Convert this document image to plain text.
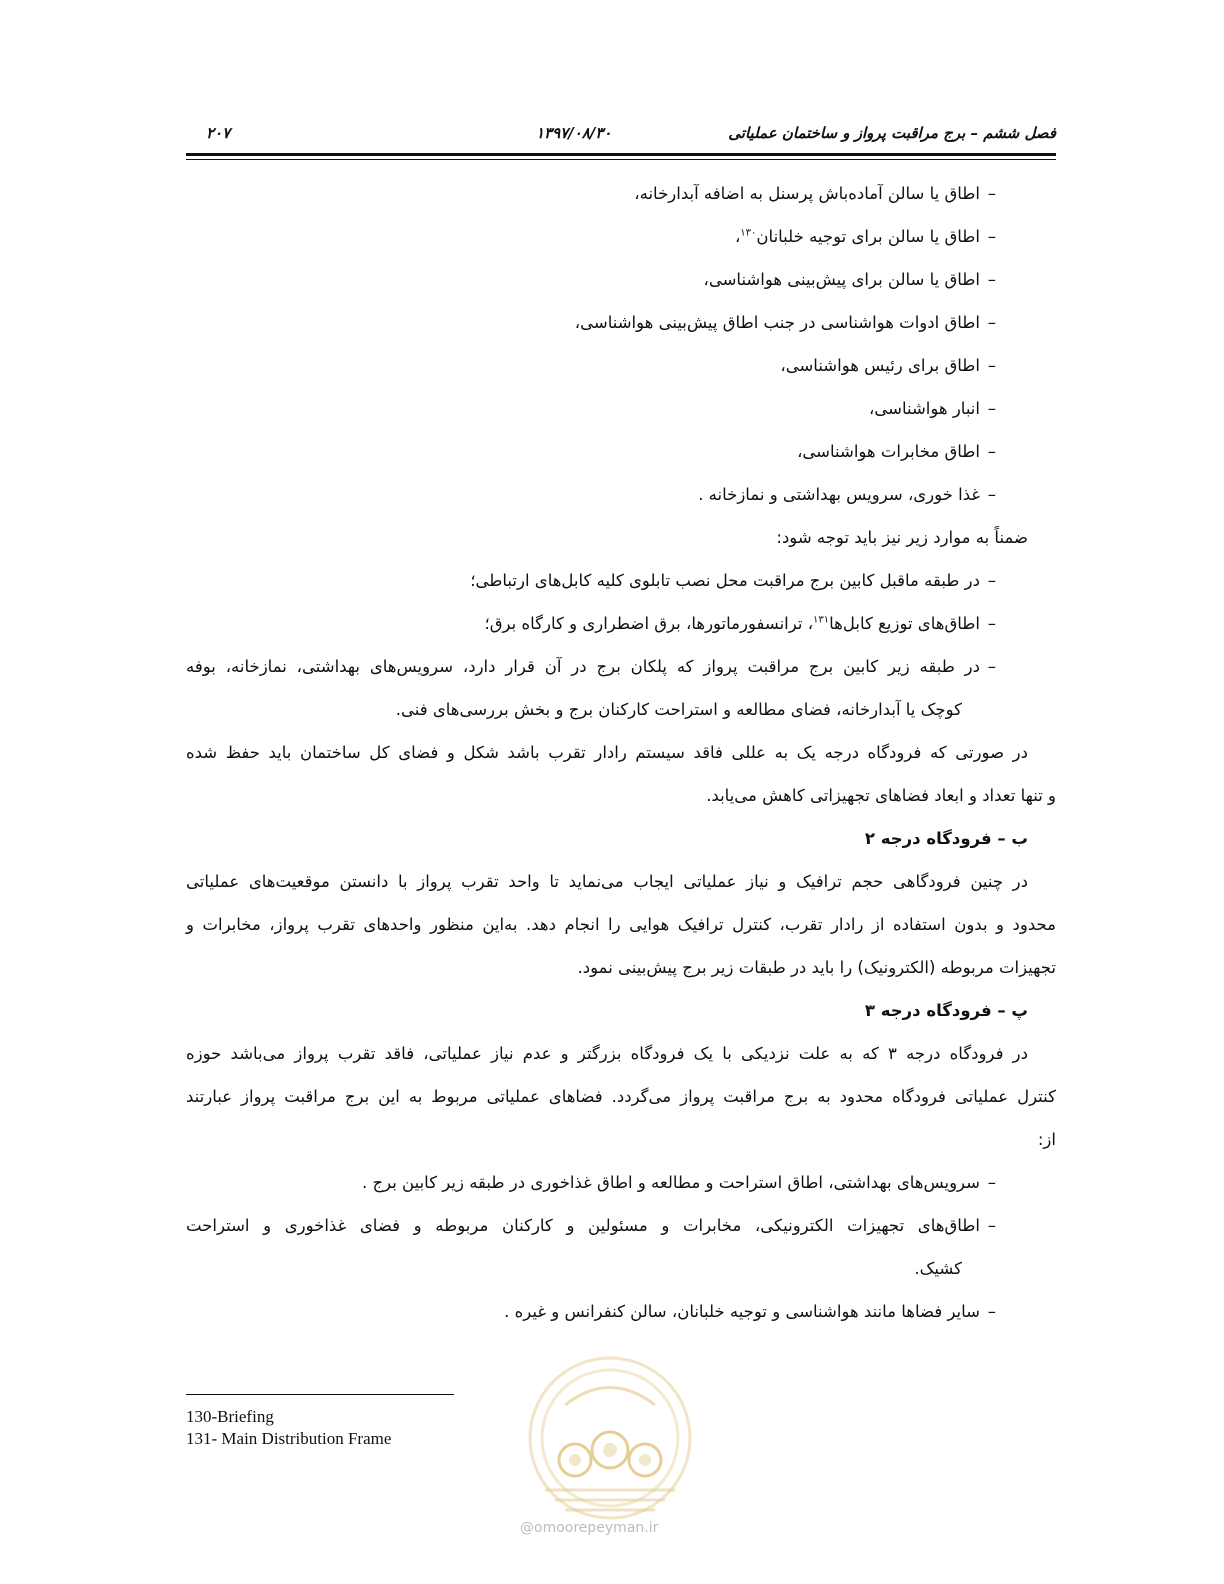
فصل ششم – برج مراقبت پرواز و ساختمان عملیاتی
۱۳۹۷/۰۸/۳۰
۲۰۷
–
اطاق یا سالن آماده‌باش پرسنل به اضافه آبدارخانه،
–
اطاق یا سالن برای توجیه خلبانان$^{۱۳۰}$،
–
اطاق یا سالن برای پیش‌بینی هواشناسی،
–
اطاق ادوات هواشناسی در جنب اطاق پیش‌بینی هواشناسی،
–
اطاق برای رئیس هواشناسی،
–
انبار هواشناسی،
–
اطاق مخابرات هواشناسی،
–
غذا خوری، سرویس بهداشتی و نمازخانه .
ضمناً به موارد زیر نیز باید توجه شود:
–
در طبقه ماقبل کابین برج مراقبت محل نصب تابلوی کلیه کابل‌های ارتباطی؛
–
اطاق‌های توزیع کابل‌ها$^{۱۳۱}$، ترانسفورماتورها، برق اضطراری و کارگاه برق؛
–
در طبقه زیر کابین برج مراقبت پرواز که پلکان برج در آن قرار دارد، سرویس‌های بهداشتی، نمازخانه، بوفه
کوچک یا آبدارخانه، فضای مطالعه و استراحت کارکنان برج و بخش بررسی‌های فنی.
در صورتی که فرودگاه درجه یک به عللی فاقد سیستم رادار تقرب باشد شکل و فضای کل ساختمان باید حفظ شده
و تنها تعداد و ابعاد فضاهای تجهیزاتی کاهش می‌یابد.
ب – فرودگاه درجه ۲
در چنین فرودگاهی حجم ترافیک و نیاز عملیاتی ایجاب می‌نماید تا واحد تقرب پرواز با دانستن موقعیت‌های عملیاتی
محدود و بدون استفاده از رادار تقرب، کنترل ترافیک هوایی را انجام دهد. به‌این منظور واحدهای تقرب پرواز، مخابرات و
تجهیزات مربوطه (الکترونیک) را باید در طبقات زیر برج پیش‌بینی نمود.
پ – فرودگاه درجه ۳
در فرودگاه درجه ۳ که به علت نزدیکی با یک فرودگاه بزرگتر و عدم نیاز عملیاتی، فاقد تقرب پرواز می‌باشد حوزه
کنترل عملیاتی فرودگاه محدود به برج مراقبت پرواز می‌گردد. فضاهای عملیاتی مربوط به این برج مراقبت پرواز عبارتند
از:
–
سرویس‌های بهداشتی، اطاق استراحت و مطالعه و اطاق غذاخوری در طبقه زیر کابین برج .
–
اطاق‌های تجهیزات الکترونیکی، مخابرات و مسئولین و کارکنان مربوطه و فضای غذاخوری و استراحت
کشیک.
–
سایر فضاها مانند هواشناسی و توجیه خلبانان، سالن کنفرانس و غیره .
130-Briefing
131- Main Distribution Frame
@omoorepeyman.ir
